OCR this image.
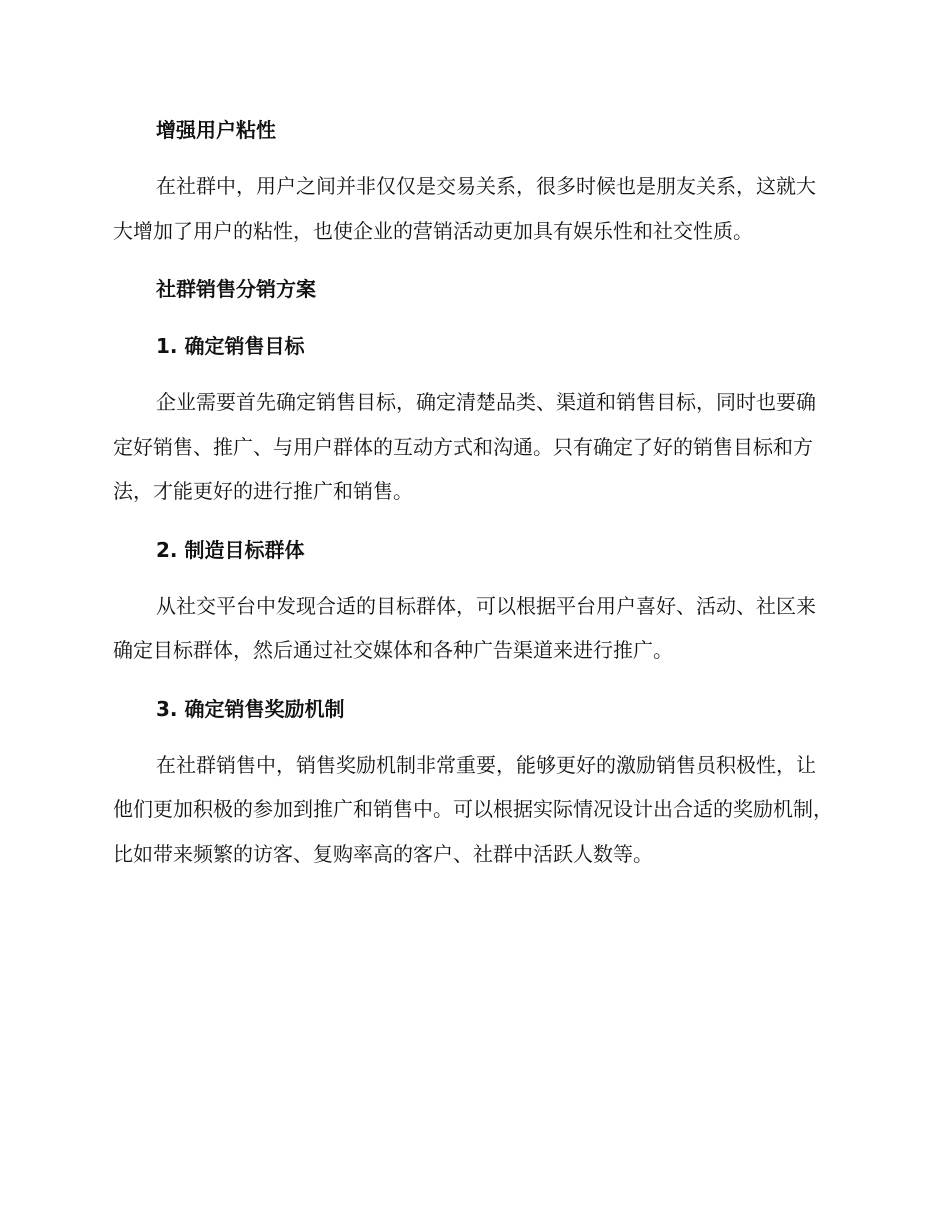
增强用户粘性

在社群中，用户之间并非仅仅是交易关系，很多时候也是朋友关系，这就大大增加了用户的粘性，也使企业的营销活动更加具有娱乐性和社交性质。

社群销售分销方案
1. 确定销售目标

企业需要首先确定销售目标，确定清楚品类、渠道和销售目标，同时也要确定好销售、推广、与用户群体的互动方式和沟通。只有确定了好的销售目标和方法，才能更好的进行推广和销售。

2. 制造目标群体

从社交平台中发现合适的目标群体，可以根据平台用户喜好、活动、社区来确定目标群体，然后通过社交媒体和各种广告渠道来进行推广。

3. 确定销售奖励机制

在社群销售中，销售奖励机制非常重要，能够更好的激励销售员积极性，让他们更加积极的参加到推广和销售中。可以根据实际情况设计出合适的奖励机制，比如带来频繁的访客、复购率高的客户、社群中活跃人数等。
